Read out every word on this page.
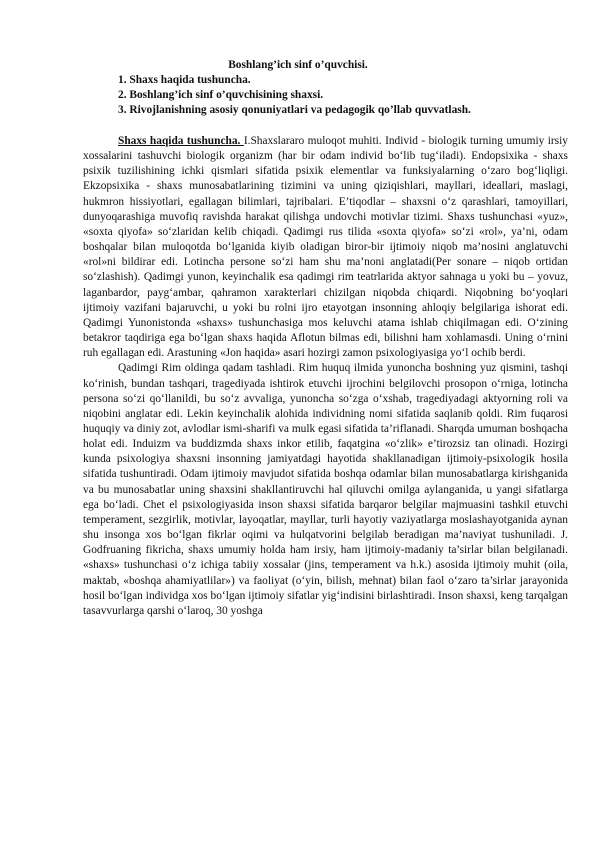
Boshlang’ich sinf o’quvchisi.
1. Shaxs haqida tushuncha.
2. Boshlang’ich sinf o’quvchisining shaxsi.
3. Rivojlanishning asosiy qonuniyatlari va pedagogik qo’llab quvvatlash.

Shaxs haqida tushuncha. I.Shaxslararo muloqot muhiti. Individ - biologik turning umumiy irsiy xossalarini tashuvchi biologik organizm (har bir odam individ boʻlib tugʻiladi). Endopsixika - shaxs psixik tuzilishining ichki qismlari sifatida psixik elementlar va funksiyalarning oʻzaro bogʻliqligi. Ekzopsixika - shaxs munosabatlarining tizimini va uning qiziqishlari, mayllari, ideallari, maslagi, hukmron hissiyotlari, egallagan bilimlari, tajribalari. E’tiqodlar – shaxsni oʻz qarashlari, tamoyillari, dunyoqarashiga muvofiq ravishda harakat qilishga undovchi motivlar tizimi. Shaxs tushunchasi «yuz», «soxta qiyofa» soʻzlaridan kelib chiqadi. Qadimgi rus tilida «soxta qiyofa» soʻzi «rol», ya’ni, odam boshqalar bilan muloqotda boʻlganida kiyib oladigan biror-bir ijtimoiy niqob ma’nosini anglatuvchi «rol»ni bildirar edi. Lotincha persone soʻzi ham shu ma’noni anglatadi(Per sonare – niqob ortidan soʻzlashish). Qadimgi yunon, keyinchalik esa qadimgi rim teatrlarida aktyor sahnaga u yoki bu – yovuz, laganbardor, paygʻambar, qahramon xarakterlari chizilgan niqobda chiqardi. Niqobning boʻyoqlari ijtimoiy vazifani bajaruvchi, u yoki bu rolni ijro etayotgan insonning ahloqiy belgilariga ishorat edi. Qadimgi Yunonistonda «shaxs» tushunchasiga mos keluvchi atama ishlab chiqilmagan edi. Oʻzining betakror taqdiriga ega boʻlgan shaxs haqida Aflotun bilmas edi, bilishni ham xohlamasdi. Uning oʻrnini ruh egallagan edi. Arastuning «Jon haqida» asari hozirgi zamon psixologiyasiga yoʻl ochib berdi.

Qadimgi Rim oldinga qadam tashladi. Rim huquq ilmida yunoncha boshning yuz qismini, tashqi koʻrinish, bundan tashqari, tragediyada ishtirok etuvchi ijrochini belgilovchi prosopon oʻrniga, lotincha persona soʻzi qoʻllanildi, bu soʻz avvaliga, yunoncha soʻzga oʻxshab, tragediyadagi aktyorning roli va niqobini anglatar edi. Lekin keyinchalik alohida individning nomi sifatida saqlanib qoldi. Rim fuqarosi huquqiy va diniy zot, avlodlar ismi-sharifi va mulk egasi sifatida ta’riflanadi. Sharqda umuman boshqacha holat edi. Induizm va buddizmda shaxs inkor etilib, faqatgina «oʻzlik» e’tirozsiz tan olinadi. Hozirgi kunda psixologiya shaxsni insonning jamiyatdagi hayotida shakllanadigan ijtimoiy-psixologik hosila sifatida tushuntiradi. Odam ijtimoiy mavjudot sifatida boshqa odamlar bilan munosabatlarga kirishganida va bu munosabatlar uning shaxsini shakllantiruvchi hal qiluvchi omilga aylanganida, u yangi sifatlarga ega boʻladi. Chet el psixologiyasida inson shaxsi sifatida barqaror belgilar majmuasini tashkil etuvchi temperament, sezgirlik, motivlar, layoqatlar, mayllar, turli hayotiy vaziyatlarga moslashayotganida aynan shu insonga xos boʻlgan fikrlar oqimi va hulqatvorini belgilab beradigan ma’naviyat tushuniladi. J. Godfruaning fikricha, shaxs umumiy holda ham irsiy, ham ijtimoiy-madaniy ta’sirlar bilan belgilanadi. «shaxs» tushunchasi oʻz ichiga tabiiy xossalar (jins, temperament va h.k.) asosida ijtimoiy muhit (oila, maktab, «boshqa ahamiyatlilar») va faoliyat (oʻyin, bilish, mehnat) bilan faol oʻzaro ta’sirlar jarayonida hosil boʻlgan individga xos boʻlgan ijtimoiy sifatlar yigʻindisini birlashtiradi. Inson shaxsi, keng tarqalgan tasavvurlarga qarshi oʻlaroq, 30 yoshga
